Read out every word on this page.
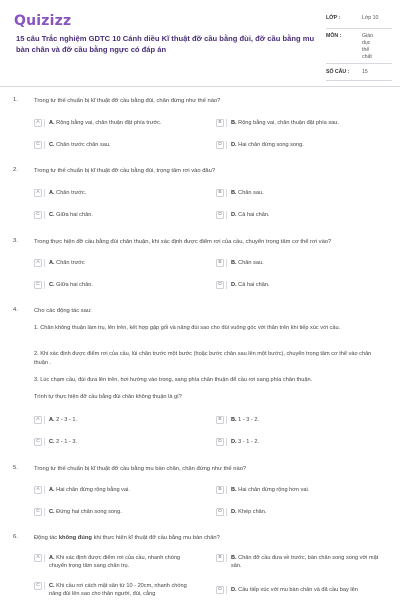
Quizizz
15 câu Trắc nghiệm GDTC 10 Cánh diều Kĩ thuật đỡ cầu bằng đùi, đỡ cầu bằng mu bàn chân và đỡ cầu bằng ngực có đáp án
LỚP :	Lớp 10
MÔN :	Giáo dục thể chất
SỐ CÂU : 15
1.	Trong tư thế chuẩn bị kĩ thuật đỡ cầu bằng đùi, chân đứng như thế nào?
A	A. Rộng bằng vai, chân thuận đặt phía trước.	B	B. Rộng bằng vai, chân thuận đặt phía sau.
C	C. Chân trước chân sau.	D	D. Hai chân đứng song song.
2.	Trong tư thế chuẩn bị kĩ thuật đỡ cầu bằng đùi, trọng tâm rơi vào đâu?
A	A. Chân trước.	B	B. Chân sau.
C	C. Giữa hai chân.	D	D. Cả hai chân.
3.	Trong thực hiện đỡ cầu bằng đùi chân thuận, khi xác định được điểm rơi của cầu, chuyển trọng tâm cơ thể rơi vào?
A	A. Chân trước	B	B. Chân sau.
C	C. Giữa hai chân.	D	D. Cả hai chân.
4.	Cho các động tác sau:
1. Chân không thuận làm trụ, lên trên, kết hợp gập gối và nâng đùi sao cho đùi vuông góc với thân trên khi tiếp xúc với cầu.
2. Khi xác định được điểm rơi của cầu, lùi chân trước một bước (hoặc bước chân sau lên một bước), chuyển trọng tâm cơ thể vào chân thuận .
3. Lúc chạm cầu, đùi đưa lên trên, hơi hướng vào trong, sang phía chân thuận để cầu rơi sang phía chân thuận.
Trình tự thực hiện đỡ cầu bằng đùi chân không thuận là gì?
A	A. 2 - 3 - 1.	B	B. 1 - 3 - 2.
C	C. 2 - 1 - 3.	D	D. 3 - 1 - 2.
5.	Trong tư thế chuẩn bị kĩ thuật đỡ cầu bằng mu bàn chân, chân đứng như thế nào?
A	A. Hai chân đứng rộng bằng vai.	B	B. Hai chân đứng rộng hơn vai.
C	C. Đứng hai chân song song.	D	D. Khép chân.
6.	Động tác không đúng khi thực hiện kĩ thuật đỡ cầu bằng mu bàn chân?
A	A. Khi xác định được điểm rơi của cầu, nhanh chóng chuyển trọng tâm sang chân trụ.
B	B. Chân đỡ cầu đưa về trước, bàn chân song song với mặt sân.
C	C. Khi cầu rơi cách mặt sân từ 10 - 20cm, nhanh chóng nâng đùi lên sao cho thân người, đùi, cẳng
D	D. Cầu tiếp xúc với mu bàn chân và đã cầu bay lên
